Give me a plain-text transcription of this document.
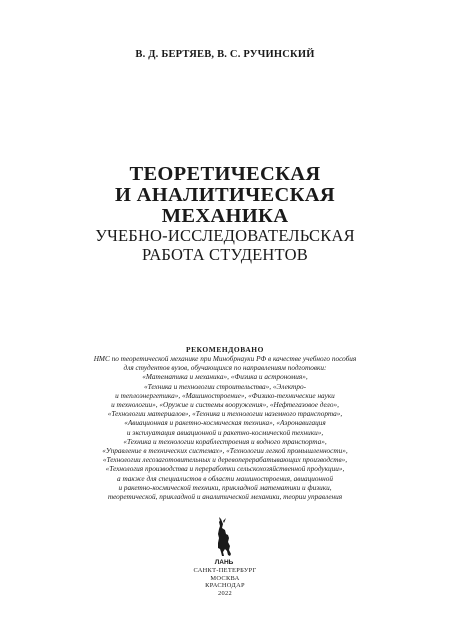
В. Д. БЕРТЯЕВ, В. С. РУЧИНСКИЙ
ТЕОРЕТИЧЕСКАЯ
И АНАЛИТИЧЕСКАЯ
МЕХАНИКА
УЧЕБНО-ИССЛЕДОВАТЕЛЬСКАЯ
РАБОТА СТУДЕНТОВ
РЕКОМЕНДОВАНО
НМС по теоретической механике при Минобрнауки РФ в качестве учебного пособия
для студентов вузов, обучающихся по направлениям подготовки:
«Математика и механика», «Физика и астрономия»,
«Техника и технологии строительства», «Электро-
и теплоэнергетика», «Машиностроение», «Физико-технические науки
и технологии», «Оружие и системы вооружения», «Нефтегазовое дело»,
«Технологии материалов», «Техника и технологии наземного транспорта»,
«Авиационная и ракетно-космическая техника», «Аэронавигация
и эксплуатация авиационной и ракетно-космической техники»,
«Техника и технологии кораблестроения и водного транспорта»,
«Управление в технических системах», «Технологии легкой промышленности»,
«Технологии лесозаготовительных и деревоперерабатывающих производств»,
«Технология производства и переработки сельскохозяйственной продукции»,
а также для специалистов в области машиностроения, авиационной
и ракетно-космической техники, прикладной математики и физики,
теоретической, прикладной и аналитической механики, теории управления
ЛАНЬ
САНКТ-ПЕТЕРБУРГ
МОСКВА
КРАСНОДАР
2022
